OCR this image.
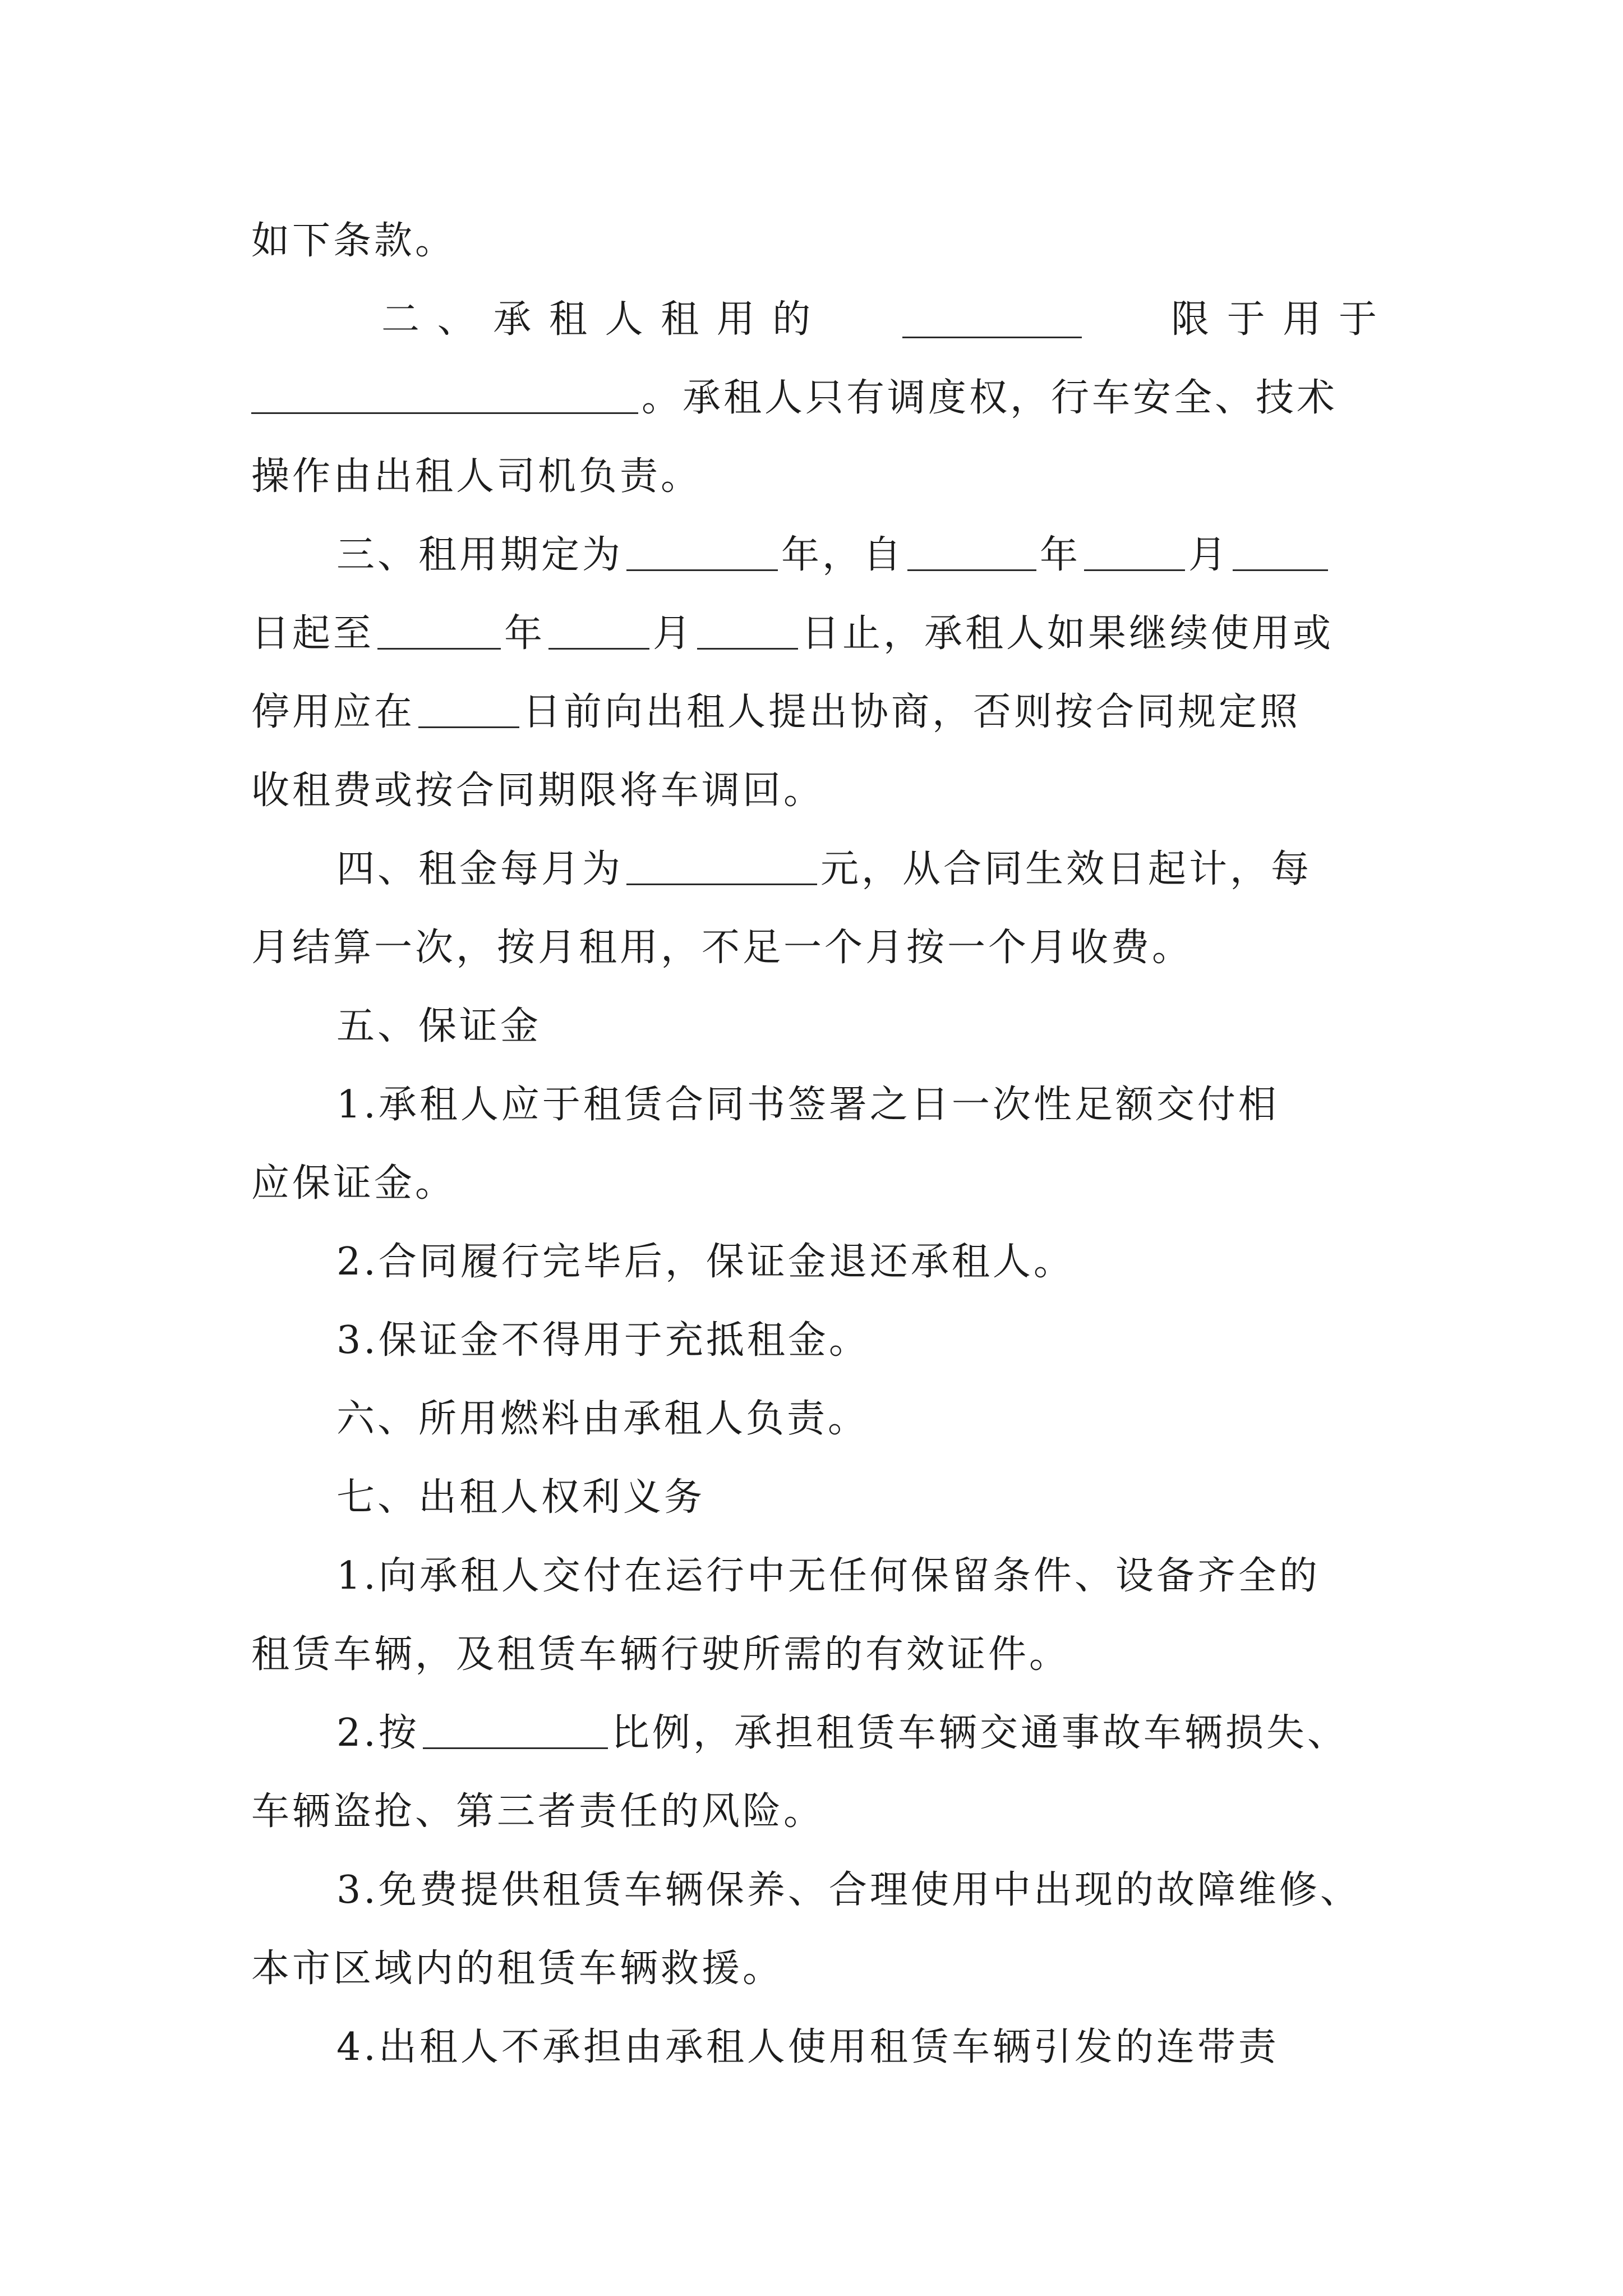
如下条款。
二 、 承 租 人 租 用 的	限 于 用 于
。承租人只有调度权，行车安全、技术
操作由出租人司机负责。
三、租用期定为	年，自	年	月
日起至	年	月	日止，承租人如果继续使用或
停用应在	日前向出租人提出协商，否则按合同规定照
收租费或按合同期限将车调回。
四、租金每月为	元，从合同生效日起计，每
月结算一次，按月租用，不足一个月按一个月收费。
五、保证金
1.承租人应于租赁合同书签署之日一次性足额交付相
应保证金。
2.合同履行完毕后，保证金退还承租人。
3.保证金不得用于充抵租金。
六、所用燃料由承租人负责。
七、出租人权利义务
1.向承租人交付在运行中无任何保留条件、设备齐全的
租赁车辆，及租赁车辆行驶所需的有效证件。
2.按	比例，承担租赁车辆交通事故车辆损失、
车辆盗抢、第三者责任的风险。
3.免费提供租赁车辆保养、合理使用中出现的故障维修、
本市区域内的租赁车辆救援。
4.出租人不承担由承租人使用租赁车辆引发的连带责
